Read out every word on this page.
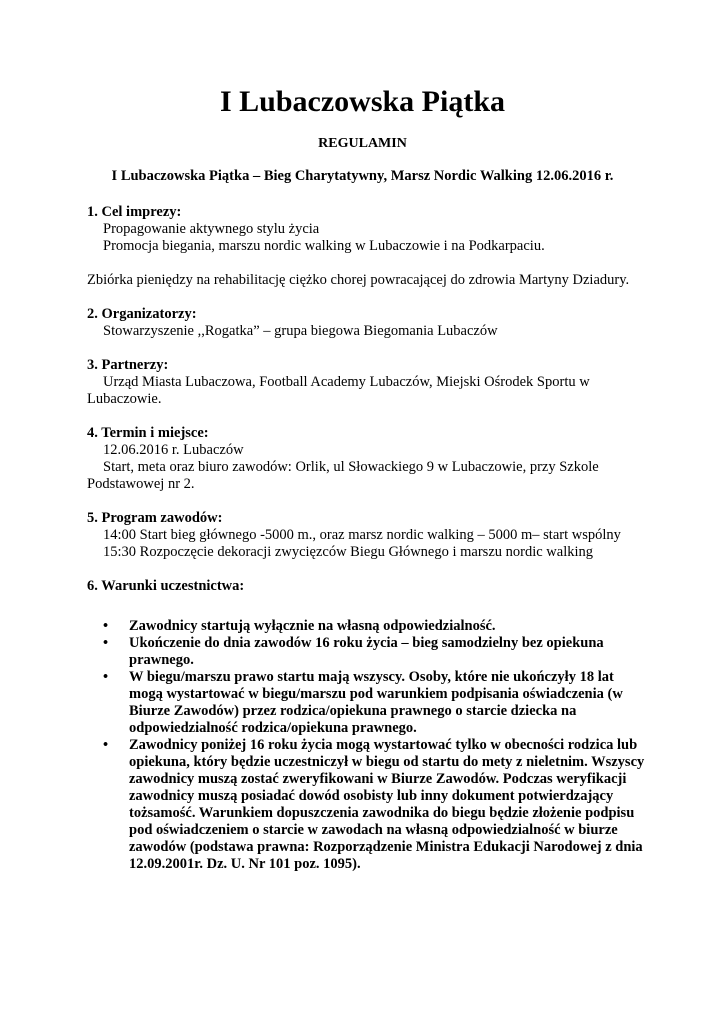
I Lubaczowska Piątka
REGULAMIN
I Lubaczowska Piątka – Bieg Charytatywny, Marsz Nordic Walking 12.06.2016 r.

1. Cel imprezy:

Propagowanie aktywnego stylu życia

Promocja biegania, marszu nordic walking w Lubaczowie i na Podkarpaciu.

Zbiórka pieniędzy na rehabilitację ciężko chorej powracającej do zdrowia Martyny Dziadury.

2. Organizatorzy:

Stowarzyszenie ,,Rogatka” – grupa biegowa Biegomania Lubaczów

3. Partnerzy:

Urząd Miasta Lubaczowa, Football Academy Lubaczów, Miejski Ośrodek Sportu w Lubaczowie.

4. Termin i miejsce:

12.06.2016 r. Lubaczów

Start, meta oraz biuro zawodów: Orlik, ul Słowackiego 9 w Lubaczowie, przy Szkole Podstawowej nr 2.

5. Program zawodów:

14:00 Start bieg głównego -5000 m., oraz marsz nordic walking – 5000 m– start wspólny

15:30 Rozpoczęcie dekoracji zwycięzców Biegu Głównego i marszu nordic walking

6. Warunki uczestnictwa:

• Zawodnicy startują wyłącznie na własną odpowiedzialność.
• Ukończenie do dnia zawodów 16 roku życia – bieg samodzielny bez opiekuna prawnego.
• W biegu/marszu prawo startu mają wszyscy. Osoby, które nie ukończyły 18 lat mogą wystartować w biegu/marszu pod warunkiem podpisania oświadczenia (w Biurze Zawodów) przez rodzica/opiekuna prawnego o starcie dziecka na odpowiedzialność rodzica/opiekuna prawnego.
• Zawodnicy poniżej 16 roku życia mogą wystartować tylko w obecności rodzica lub opiekuna, który będzie uczestniczył w biegu od startu do mety z nieletnim. Wszyscy zawodnicy muszą zostać zweryfikowani w Biurze Zawodów. Podczas weryfikacji zawodnicy muszą posiadać dowód osobisty lub inny dokument potwierdzający tożsamość. Warunkiem dopuszczenia zawodnika do biegu będzie złożenie podpisu pod oświadczeniem o starcie w zawodach na własną odpowiedzialność w biurze zawodów (podstawa prawna: Rozporządzenie Ministra Edukacji Narodowej z dnia 12.09.2001r. Dz. U. Nr 101 poz. 1095).
